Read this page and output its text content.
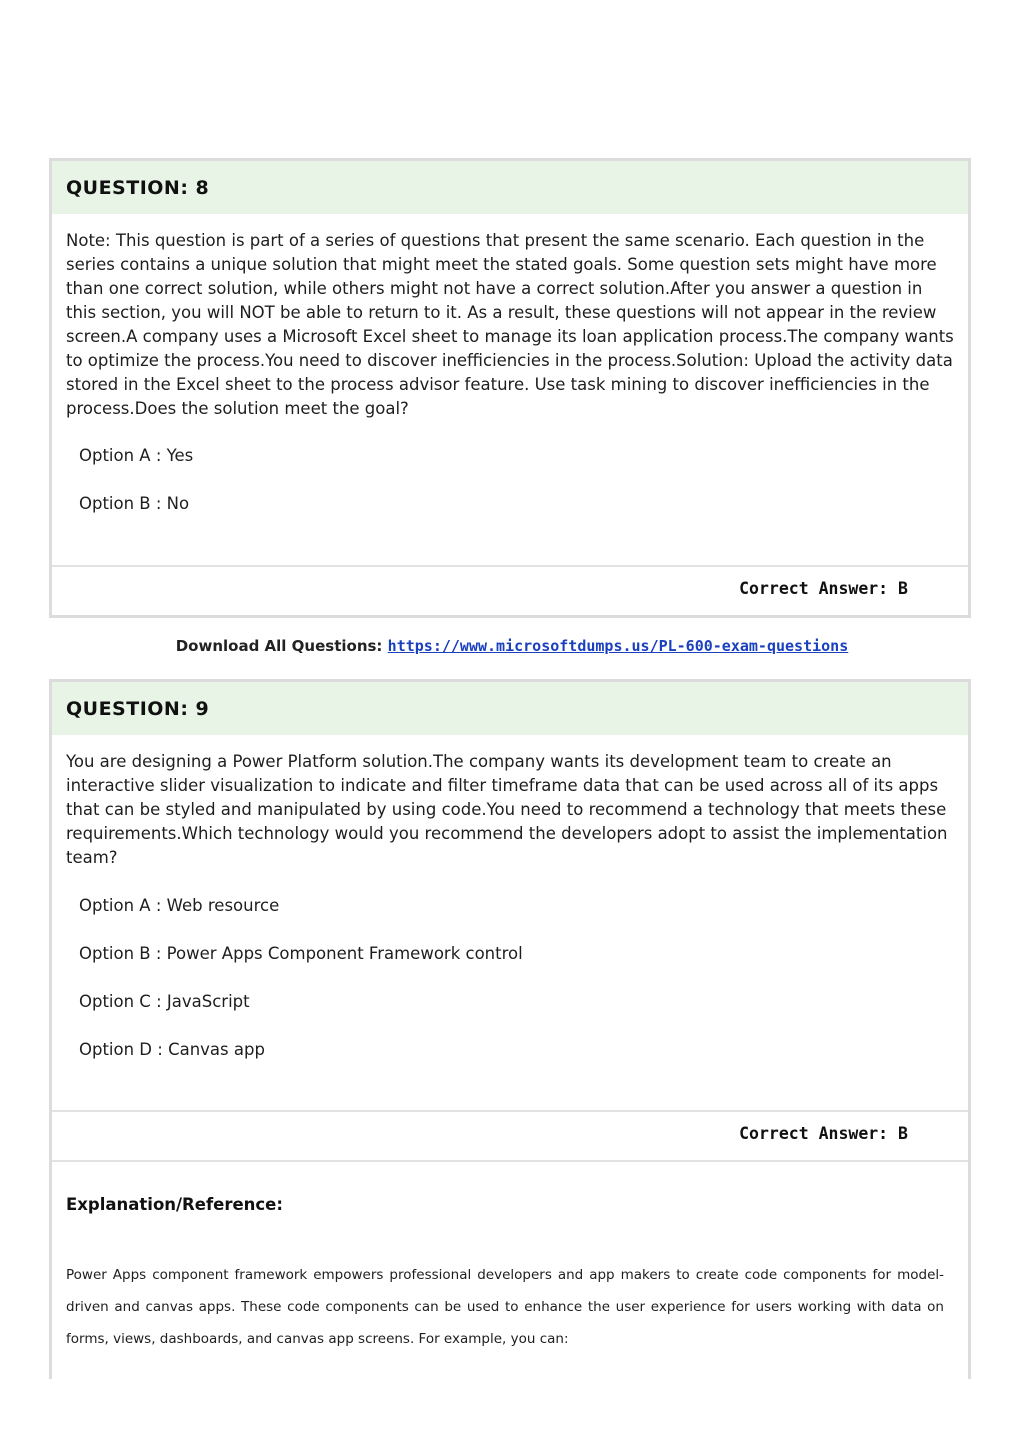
QUESTION: 8

Note: This question is part of a series of questions that present the same scenario. Each question in the series contains a unique solution that might meet the stated goals. Some question sets might have more than one correct solution, while others might not have a correct solution.After you answer a question in this section, you will NOT be able to return to it. As a result, these questions will not appear in the review screen.A company uses a Microsoft Excel sheet to manage its loan application process.The company wants to optimize the process.You need to discover inefficiencies in the process.Solution: Upload the activity data stored in the Excel sheet to the process advisor feature. Use task mining to discover inefficiencies in the process.Does the solution meet the goal?

Option A : Yes
Option B : No
Correct Answer: B
Download All Questions: https://www.microsoftdumps.us/PL-600-exam-questions
QUESTION: 9

You are designing a Power Platform solution.The company wants its development team to create an interactive slider visualization to indicate and filter timeframe data that can be used across all of its apps that can be styled and manipulated by using code.You need to recommend a technology that meets these requirements.Which technology would you recommend the developers adopt to assist the implementation team?

Option A : Web resource
Option B : Power Apps Component Framework control
Option C : JavaScript
Option D : Canvas app
Correct Answer: B
Explanation/Reference:
Power Apps component framework empowers professional developers and app makers to create code components for model-driven and canvas apps. These code components can be used to enhance the user experience for users working with data on forms, views, dashboards, and canvas app screens. For example, you can:
